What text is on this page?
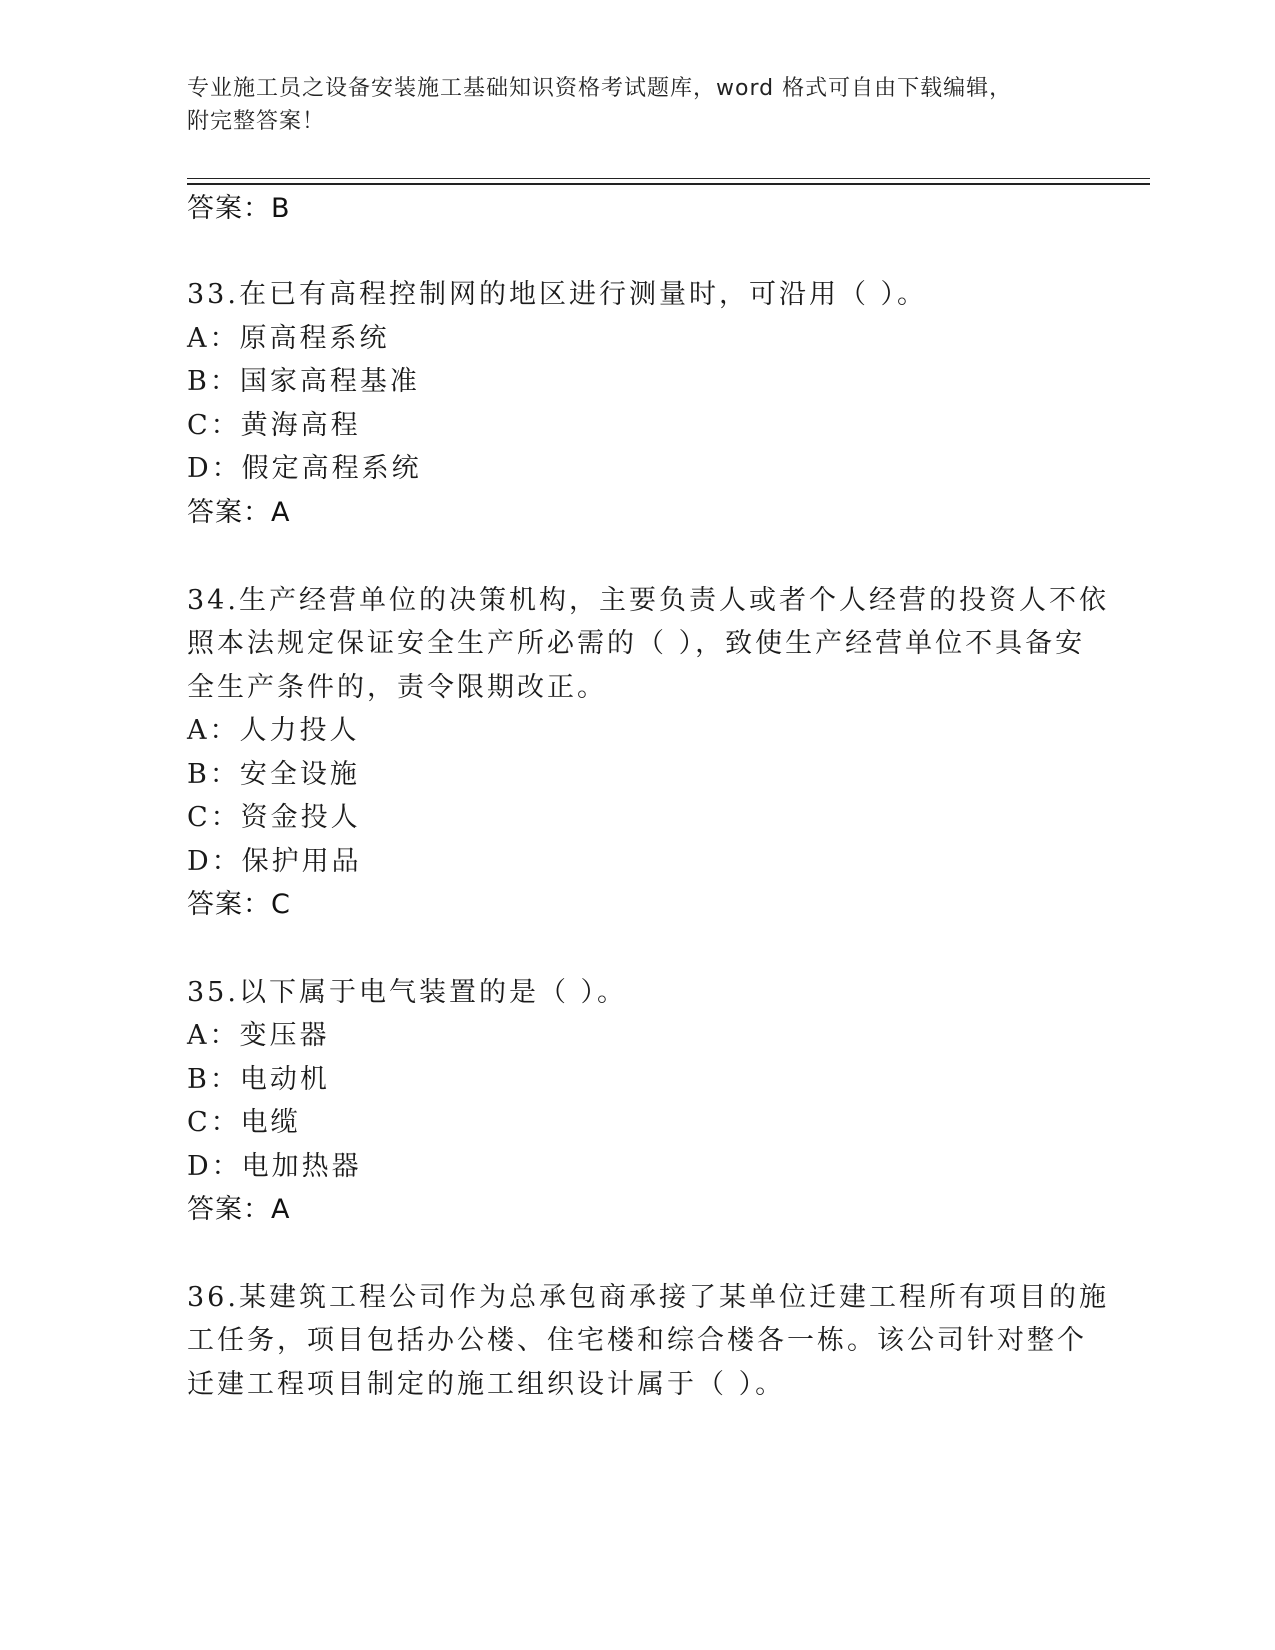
专业施工员之设备安装施工基础知识资格考试题库，word 格式可自由下载编辑，
附完整答案！
答案：B
33.在已有高程控制网的地区进行测量时，可沿用（ ）。
A：原高程系统
B：国家高程基准
C：黄海高程
D：假定高程系统
答案：A
34.生产经营单位的决策机构，主要负责人或者个人经营的投资人不依
照本法规定保证安全生产所必需的（ ），致使生产经营单位不具备安
全生产条件的，责令限期改正。
A：人力投人
B：安全设施
C：资金投人
D：保护用品
答案：C
35.以下属于电气装置的是（ ）。
A：变压器
B：电动机
C：电缆
D：电加热器
答案：A
36.某建筑工程公司作为总承包商承接了某单位迁建工程所有项目的施
工任务，项目包括办公楼、住宅楼和综合楼各一栋。该公司针对整个
迁建工程项目制定的施工组织设计属于（ ）。
